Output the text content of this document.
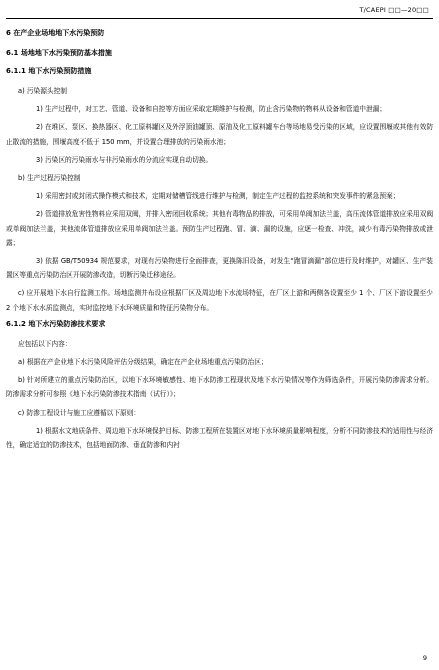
T/CAEPI □□—20□□
6 在产企业场地地下水污染预防
6.1 场地地下水污染预防基本措施
6.1.1 地下水污染预防措施
a) 污染源头控制
1) 生产过程中，对工艺、管道、设备和自控等方面应采取定期维护与检测，防止含污染物的物料从设备和管道中泄漏；
2) 在堆区、泵区、换热器区、化工原料罐区及外浮顶油罐顶、原油及化工原料罐车台等场地易受污染的区域，应设置围堰或其他有效防止散流的措施，围堰高度不低于 150 mm，并设置合理排放的污染雨水池；
3) 污染区的污染雨水与非污染雨水的分流应实现自动切换。
b) 生产过程污染控制
1) 采用密封或封闭式操作模式和技术，定期对储槽管线进行维护与检测，制定生产过程的监控系统和突发事件的紧急预案；
2) 管道排放危害性物料应采用双阀，并排入密闭回收系统；其他有毒物品的排放，可采用单阀加法兰盖，高压流体管道排放应采用双阀或单阀加法兰盖，其他流体管道排放应采用单阀加法兰盖。预防生产过程跑、冒、滴、漏的设施，应逐一检查、冲洗，减少有毒污染物排放或泄露；
3) 依据 GB/T50934 规范要求，对现有污染物进行全面排查，更换陈旧设备，对发生“跑冒滴漏”部位进行及时维护，对罐区、生产装置区等重点污染防治区开展防渗改造，切断污染迁移途径。
c) 应开展地下水自行监测工作。场地监测井布设应根据厂区及周边地下水流场特征，在厂区上游和两侧各设置至少 1 个、厂区下游设置至少 2 个地下水水质监测点，实时监控地下水环境质量和特征污染物分布。
6.1.2 地下水污染防渗技术要求
应包括以下内容：
a) 根据在产企业地下水污染风险评估分级结果，确定在产企业场地重点污染防治区；
b) 针对所建立的重点污染防治区，以地下水环境敏感性、地下水防渗工程现状及地下水污染情况等作为筛选条件，开展污染防渗需求分析。防渗需求分析可参照《地下水污染防渗技术指南（试行）》；
c) 防渗工程设计与施工应遵循以下原则：
1) 根据水文地质条件、周边地下水环境保护目标、防渗工程所在装置区对地下水环境质量影响程度，分析不同防渗技术的适用性与经济性，确定适宜的防渗技术，包括地面防渗、垂直防渗和内衬
9
